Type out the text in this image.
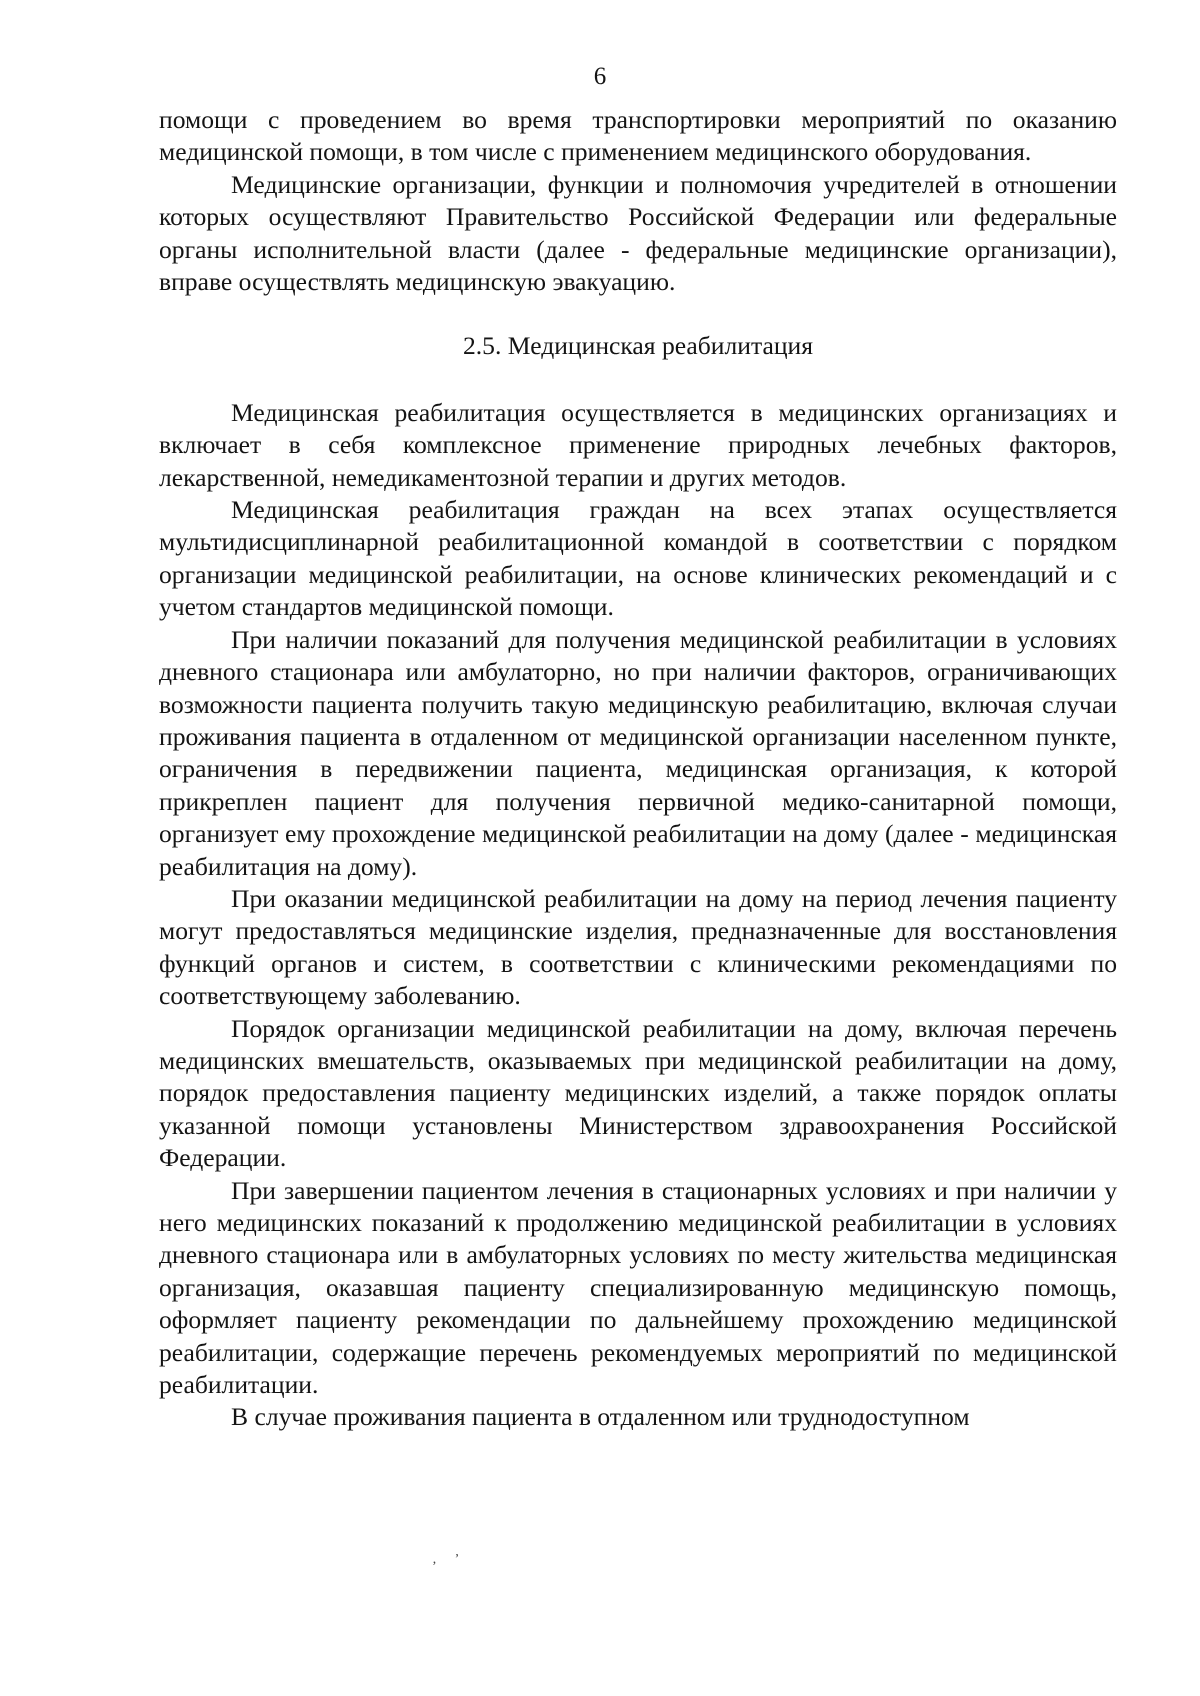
6

помощи с проведением во время транспортировки мероприятий по оказанию медицинской помощи, в том числе с применением медицинского оборудования.

Медицинские организации, функции и полномочия учредителей в отношении которых осуществляют Правительство Российской Федерации или федеральные органы исполнительной власти (далее - федеральные медицинские организации), вправе осуществлять медицинскую эвакуацию.

2.5. Медицинская реабилитация

Медицинская реабилитация осуществляется в медицинских организациях и включает в себя комплексное применение природных лечебных факторов, лекарственной, немедикаментозной терапии и других методов.

Медицинская реабилитация граждан на всех этапах осуществляется мультидисциплинарной реабилитационной командой в соответствии с порядком организации медицинской реабилитации, на основе клинических рекомендаций и с учетом стандартов медицинской помощи.

При наличии показаний для получения медицинской реабилитации в условиях дневного стационара или амбулаторно, но при наличии факторов, ограничивающих возможности пациента получить такую медицинскую реабилитацию, включая случаи проживания пациента в отдаленном от медицинской организации населенном пункте, ограничения в передвижении пациента, медицинская организация, к которой прикреплен пациент для получения первичной медико-санитарной помощи, организует ему прохождение медицинской реабилитации на дому (далее - медицинская реабилитация на дому).

При оказании медицинской реабилитации на дому на период лечения пациенту могут предоставляться медицинские изделия, предназначенные для восстановления функций органов и систем, в соответствии с клиническими рекомендациями по соответствующему заболеванию.

Порядок организации медицинской реабилитации на дому, включая перечень медицинских вмешательств, оказываемых при медицинской реабилитации на дому, порядок предоставления пациенту медицинских изделий, а также порядок оплаты указанной помощи установлены Министерством здравоохранения Российской Федерации.

При завершении пациентом лечения в стационарных условиях и при наличии у него медицинских показаний к продолжению медицинской реабилитации в условиях дневного стационара или в амбулаторных условиях по месту жительства медицинская организация, оказавшая пациенту специализированную медицинскую помощь, оформляет пациенту рекомендации по дальнейшему прохождению медицинской реабилитации, содержащие перечень рекомендуемых мероприятий по медицинской реабилитации.

В случае проживания пациента в отдаленном или труднодоступном

‚’
